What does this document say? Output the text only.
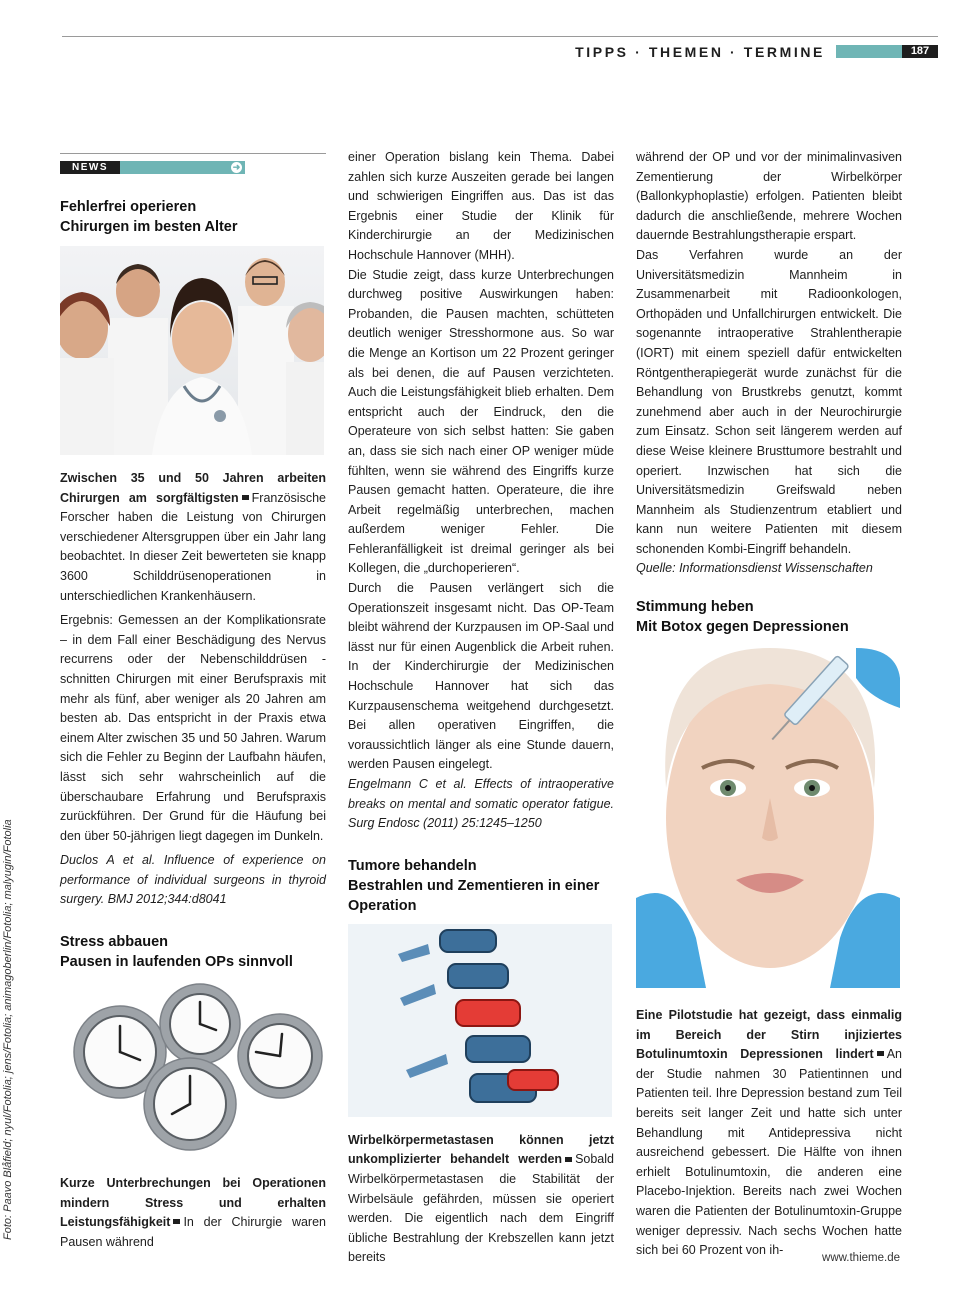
TIPPS · THEMEN · TERMINE	187
NEWS	➜

Fehlerfrei operieren

Chirurgen im besten Alter

Zwischen 35 und 50 Jahren arbeiten Chirurgen am sorgfältigsten Französische Forscher haben die Leistung von Chirurgen verschiedener Altersgruppen über ein Jahr lang beobachtet. In dieser Zeit bewerteten sie knapp 3600 Schilddrüsenoperationen in unterschiedlichen Krankenhäusern.

Ergebnis: Gemessen an der Komplikationsrate – in dem Fall einer Beschädigung des Nervus recurrens oder der Nebenschilddrüsen - schnitten Chirurgen mit einer Berufspraxis mit mehr als fünf, aber weniger als 20 Jahren am besten ab. Das entspricht in der Praxis etwa einem Alter zwischen 35 und 50 Jahren. Warum sich die Fehler zu Beginn der Laufbahn häufen, lässt sich sehr wahrscheinlich auf die überschaubare Erfahrung und Berufspraxis zurückführen. Der Grund für die Häufung bei den über 50-jährigen liegt dagegen im Dunkeln.

Duclos A et al. Influence of experience on performance of individual surgeons in thyroid surgery. BMJ 2012;344:d8041

Stress abbauen

Pausen in laufenden OPs sinnvoll

Kurze Unterbrechungen bei Operationen mindern Stress und erhalten Leistungsfähigkeit In der Chirurgie waren Pausen während

einer Operation bislang kein Thema. Dabei zahlen sich kurze Auszeiten gerade bei langen und schwierigen Eingriffen aus. Das ist das Ergebnis einer Studie der Klinik für Kinderchirurgie an der Medizinischen Hochschule Hannover (MHH).

Die Studie zeigt, dass kurze Unterbrechungen durchweg positive Auswirkungen haben: Probanden, die Pausen machten, schütteten deutlich weniger Stresshormone aus. So war die Menge an Kortison um 22 Prozent geringer als bei denen, die auf Pausen verzichteten. Auch die Leistungsfähigkeit blieb erhalten. Dem entspricht auch der Eindruck, den die Operateure von sich selbst hatten: Sie gaben an, dass sie sich nach einer OP weniger müde fühlten, wenn sie während des Eingriffs kurze Pausen gemacht hatten. Operateure, die ihre Arbeit regelmäßig unterbrechen, machen außerdem weniger Fehler. Die Fehleranfälligkeit ist dreimal geringer als bei Kollegen, die „durchoperieren“.

Durch die Pausen verlängert sich die Operationszeit insgesamt nicht. Das OP-Team bleibt während der Kurzpausen im OP-Saal und lässt nur für einen Augenblick die Arbeit ruhen. In der Kinderchirurgie der Medizinischen Hochschule Hannover hat sich das Kurzpausenschema weitgehend durchgesetzt. Bei allen operativen Eingriffen, die voraussichtlich länger als eine Stunde dauern, werden Pausen eingelegt.

Engelmann C et al. Effects of intraoperative breaks on mental and somatic operator fatigue. Surg Endosc (2011) 25:1245–1250

Tumore behandeln

Bestrahlen und Zementieren in einer Operation

Wirbelkörpermetastasen können jetzt unkomplizierter behandelt werden Sobald Wirbelkörpermetastasen die Stabilität der Wirbelsäule gefährden, müssen sie operiert werden. Die eigentlich nach dem Eingriff übliche Bestrahlung der Krebszellen kann jetzt bereits

während der OP und vor der minimalinvasiven Zementierung der Wirbelkörper (Ballonkyphoplastie) erfolgen. Patienten bleibt dadurch die anschließende, mehrere Wochen dauernde Bestrahlungstherapie erspart.

Das Verfahren wurde an der Universitätsmedizin Mannheim in Zusammenarbeit mit Radioonkologen, Orthopäden und Unfallchirurgen entwickelt. Die sogenannte intraoperative Strahlentherapie (IORT) mit einem speziell dafür entwickelten Röntgentherapiegerät wurde zunächst für die Behandlung von Brustkrebs genutzt, kommt zunehmend aber auch in der Neurochirurgie zum Einsatz. Schon seit längerem werden auf diese Weise kleinere Brusttumore bestrahlt und operiert. Inzwischen hat sich die Universitätsmedizin Greifswald neben Mannheim als Studienzentrum etabliert und kann nun weitere Patienten mit diesem schonenden Kombi-Eingriff behandeln.

Quelle: Informationsdienst Wissenschaften

Stimmung heben

Mit Botox gegen Depressionen

Eine Pilotstudie hat gezeigt, dass einmalig im Bereich der Stirn injiziertes Botulinumtoxin Depressionen lindert An der Studie nahmen 30 Patientinnen und Patienten teil. Ihre Depression bestand zum Teil bereits seit langer Zeit und hatte sich unter Behandlung mit Antidepressiva nicht ausreichend gebessert. Die Hälfte von ihnen erhielt Botulinumtoxin, die anderen eine Placebo-Injektion. Bereits nach zwei Wochen waren die Patienten der Botulinumtoxin-Gruppe weniger depressiv. Nach sechs Wochen hatte sich bei 60 Prozent von ih-

Foto: Paavo Blåfield; nyul/Fotolia; jens/Fotolia; animagoberlin/Fotolia; malyugin/Fotolia
www.thieme.de
